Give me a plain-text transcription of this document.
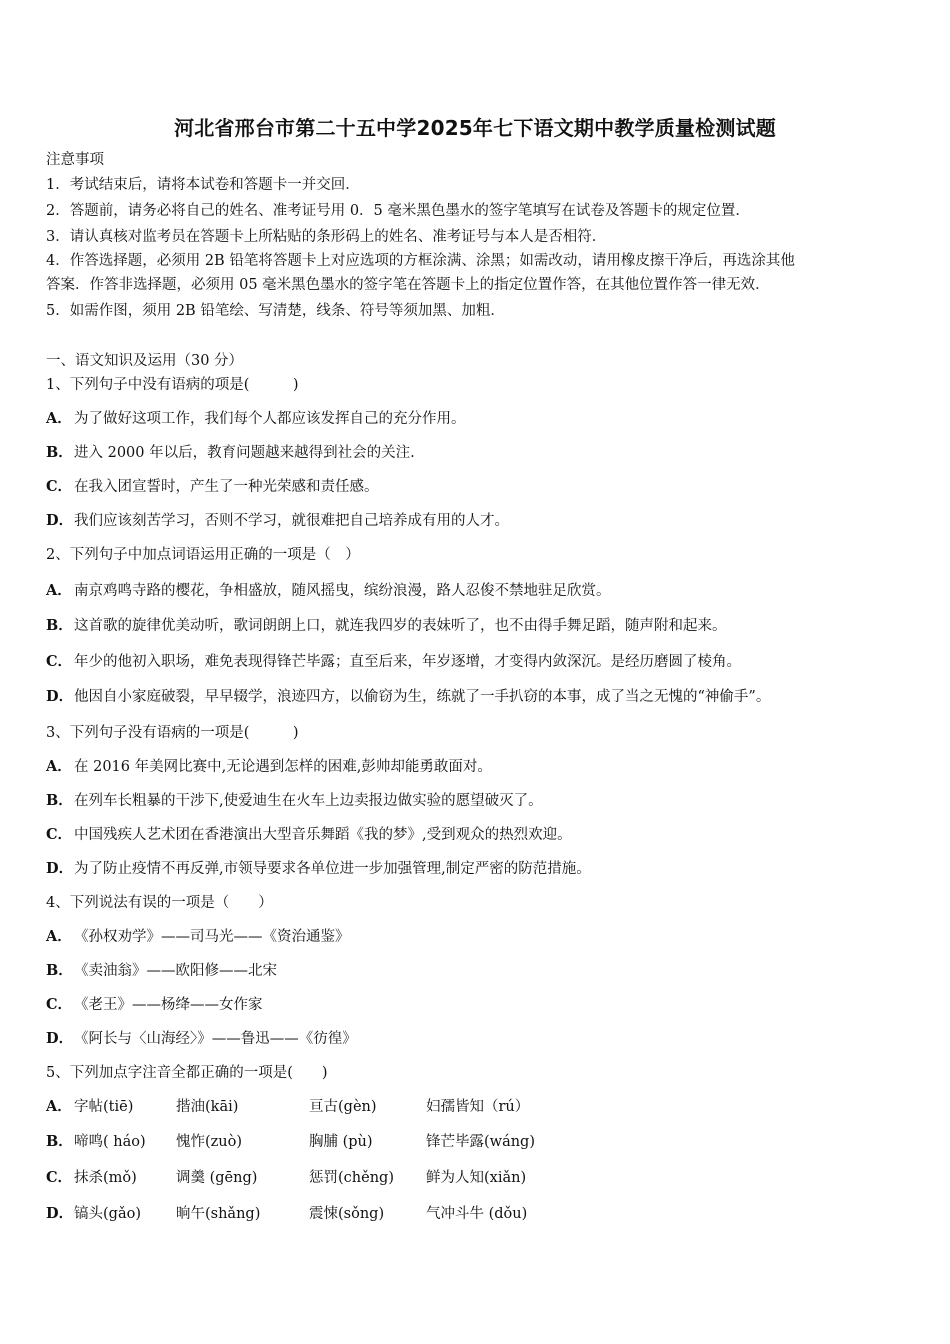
河北省邢台市第二十五中学2025年七下语文期中教学质量检测试题
注意事项
1．考试结束后，请将本试卷和答题卡一并交回．
2．答题前，请务必将自己的姓名、准考证号用 0．5 毫米黑色墨水的签字笔填写在试卷及答题卡的规定位置．
3．请认真核对监考员在答题卡上所粘贴的条形码上的姓名、准考证号与本人是否相符．
4．作答选择题，必须用 2B 铅笔将答题卡上对应选项的方框涂满、涂黑；如需改动，请用橡皮擦干净后，再选涂其他
答案．作答非选择题，必须用 05 毫米黑色墨水的签字笔在答题卡上的指定位置作答，在其他位置作答一律无效．
5．如需作图，须用 2B 铅笔绘、写清楚，线条、符号等须加黑、加粗．
一、语文知识及运用（30 分）
1、下列句子中没有语病的项是(　　　)
A． 为了做好这项工作，我们每个人都应该发挥自己的充分作用。
B．进入 2000 年以后，教育问题越来越得到社会的关注.
C． 在我入团宣誓时，产生了一种光荣感和责任感。
D．我们应该刻苦学习，否则不学习，就很难把自己培养成有用的人才。
2、下列句子中加点词语运用正确的一项是（　）
A． 南京鸡鸣寺路的樱花，争相盛放，随风摇曳，缤纷浪漫，路人忍俊不禁地驻足欣赏。
B．这首歌的旋律优美动听，歌词朗朗上口，就连我四岁的表妹听了，也不由得手舞足蹈，随声附和起来。
C． 年少的他初入职场，难免表现得锋芒毕露；直至后来，年岁逐增，才变得内敛深沉。是经历磨圆了棱角。
D．他因自小家庭破裂，早早辍学，浪迹四方，以偷窃为生，练就了一手扒窃的本事，成了当之无愧的“神偷手”。
3、下列句子没有语病的一项是(　　　)
A． 在 2016 年美网比赛中,无论遇到怎样的困难,彭帅却能勇敢面对。
B．在列车长粗暴的干涉下,使爱迪生在火车上边卖报边做实验的愿望破灭了。
C． 中国残疾人艺术团在香港演出大型音乐舞蹈《我的梦》,受到观众的热烈欢迎。
D．为了防止疫情不再反弹,市领导要求各单位进一步加强管理,制定严密的防范措施。
4、下列说法有误的一项是（　　）
A． 《孙权劝学》——司马光——《资治通鉴》
B．《卖油翁》——欧阳修——北宋
C． 《老王》——杨绛——女作家
D．《阿长与〈山海经〉》——鲁迅——《彷徨》
5、下列加点字注音全都正确的一项是(　　)
A． 字帖(tiē)	揩油(kāi)	亘古(gèn)	妇孺皆知（rú）
B． 啼鸣( háo) 愧怍(zuò)	胸脯 (pù)	锋芒毕露(wáng)
C． 抹杀(mǒ)	调羹 (gēng)	惩罚(chěng) 鲜为人知(xiǎn)
D． 镐头(gǎo) 晌午(shǎng)	震悚(sǒng)	气冲斗牛 (dǒu)
